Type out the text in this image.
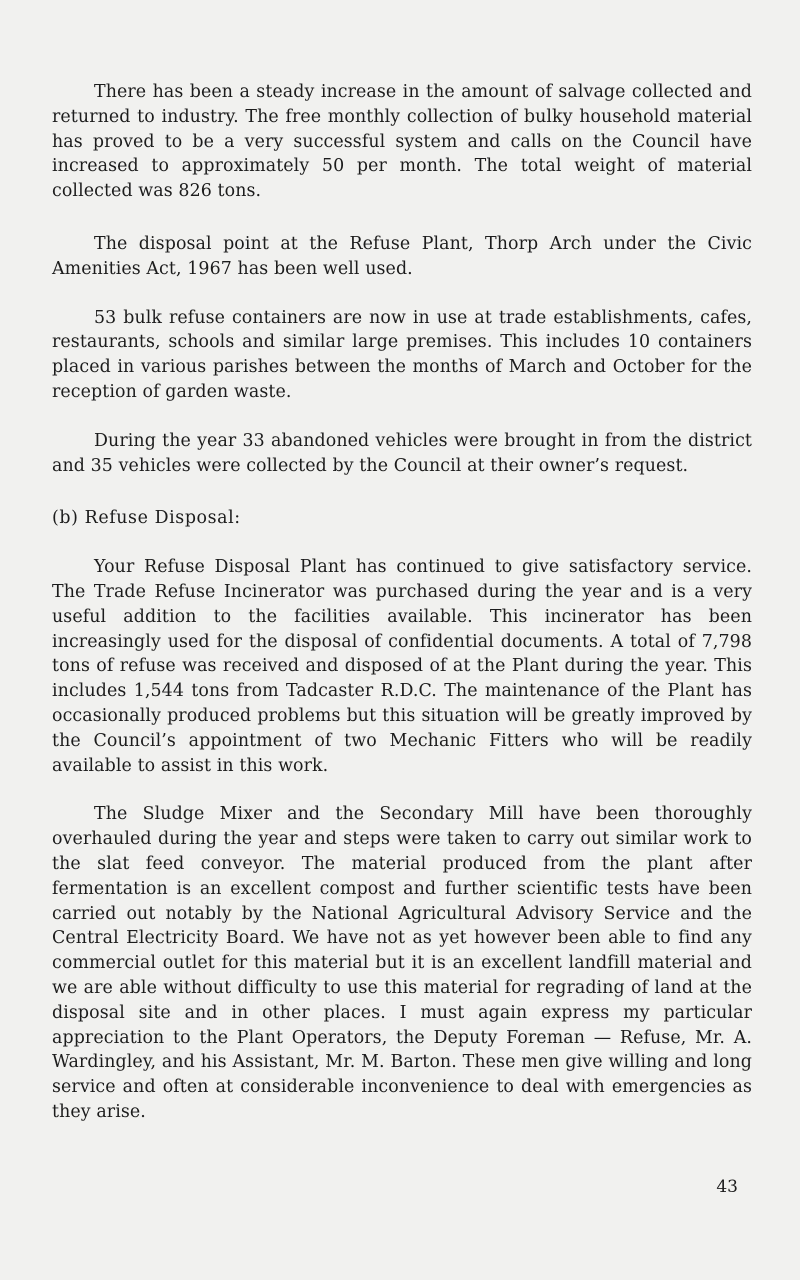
There has been a steady increase in the amount of salvage collected and returned to industry. The free monthly collection of bulky household material has proved to be a very successful system and calls on the Council have increased to approximately 50 per month. The total weight of material collected was 826 tons.

The disposal point at the Refuse Plant, Thorp Arch under the Civic Amenities Act, 1967 has been well used.

53 bulk refuse containers are now in use at trade establishments, cafes, restaurants, schools and similar large premises. This includes 10 containers placed in various parishes between the months of March and October for the reception of garden waste.

During the year 33 abandoned vehicles were brought in from the district and 35 vehicles were collected by the Council at their owner’s request.

(b) Refuse Disposal:

Your Refuse Disposal Plant has continued to give satisfactory service. The Trade Refuse Incinerator was purchased during the year and is a very useful addition to the facilities available. This incinerator has been increasingly used for the disposal of confidential documents. A total of 7,798 tons of refuse was received and disposed of at the Plant during the year. This includes 1,544 tons from Tadcaster R.D.C. The maintenance of the Plant has occasionally produced problems but this situation will be greatly improved by the Council’s appointment of two Mechanic Fitters who will be readily available to assist in this work.

The Sludge Mixer and the Secondary Mill have been thoroughly overhauled during the year and steps were taken to carry out similar work to the slat feed conveyor. The material produced from the plant after fermentation is an excellent compost and further scientific tests have been carried out notably by the National Agricultural Advisory Service and the Central Electricity Board. We have not as yet however been able to find any commercial outlet for this material but it is an excellent landfill material and we are able without difficulty to use this material for regrading of land at the disposal site and in other places. I must again express my particular appreciation to the Plant Operators, the Deputy Foreman — Refuse, Mr. A. Wardingley, and his Assistant, Mr. M. Barton. These men give willing and long service and often at considerable inconvenience to deal with emergencies as they arise.

43
